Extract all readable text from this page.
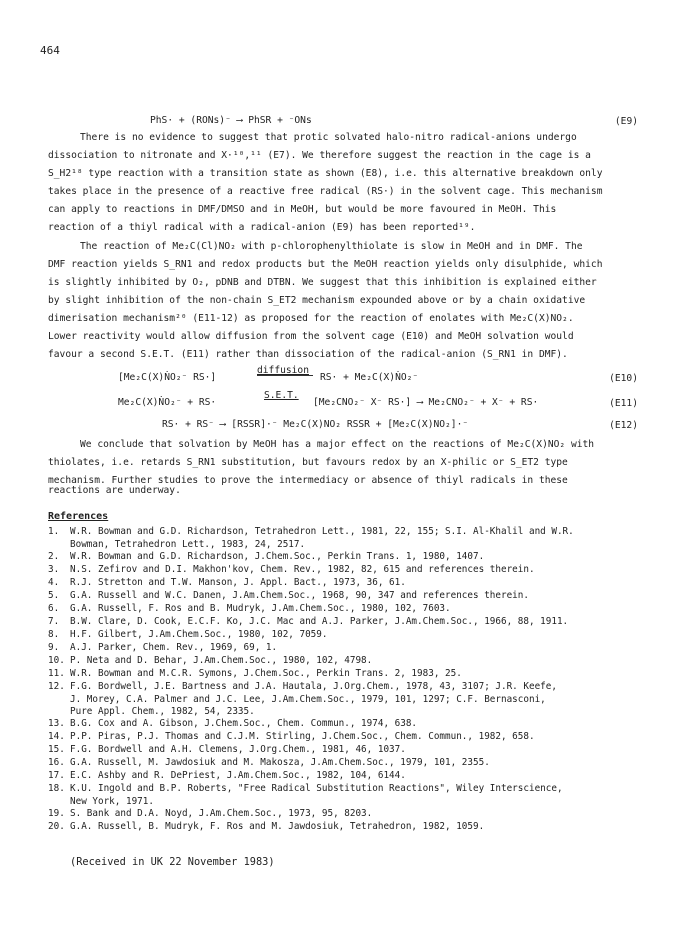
464
PhS· + (RONs)⁻ ⟶ PhSR + ⁻ONs	(E9)
There is no evidence to suggest that protic solvated halo-nitro radical-anions undergo
dissociation to nitronate and X·¹⁰,¹¹ (E7). We therefore suggest the reaction in the cage is a
S_H2¹⁸ type reaction with a transition state as shown (E8), i.e. this alternative breakdown only
takes place in the presence of a reactive free radical (RS·) in the solvent cage. This mechanism
can apply to reactions in DMF/DMSO and in MeOH, but would be more favoured in MeOH. This
reaction of a thiyl radical with a radical-anion (E9) has been reported¹⁹.
The reaction of Me₂C(Cl)NO₂ with p-chlorophenylthiolate is slow in MeOH and in DMF. The
DMF reaction yields S_RN1 and redox products but the MeOH reaction yields only disulphide, which
is slightly inhibited by O₂, pDNB and DTBN. We suggest that this inhibition is explained either
by slight inhibition of the non-chain S_ET2 mechanism expounded above or by a chain oxidative
dimerisation mechanism²⁰ (E11-12) as proposed for the reaction of enolates with Me₂C(X)NO₂.
Lower reactivity would allow diffusion from the solvent cage (E10) and MeOH solvation would
favour a second S.E.T. (E11) rather than dissociation of the radical-anion (S_RN1 in DMF).
[Me₂C(X)ṄO₂⁻ RS·]
diffusion
RS· + Me₂C(X)ṄO₂⁻	(E10)
Me₂C(X)ṄO₂⁻ + RS·
S.E.T.
[Me₂CNO₂⁻ X⁻ RS·] ⟶ Me₂CNO₂⁻ + X⁻ + RS·	(E11)
RS· + RS⁻ ⟶ [RSSR]·⁻ Me₂C(X)NO₂ RSSR + [Me₂C(X)NO₂]·⁻	(E12)
We conclude that solvation by MeOH has a major effect on the reactions of Me₂C(X)NO₂ with
thiolates, i.e. retards S_RN1 substitution, but favours redox by an X-philic or S_ET2 type
mechanism. Further studies to prove the intermediacy or absence of thiyl radicals in these
reactions are underway.
References
1. W.R. Bowman and G.D. Richardson, Tetrahedron Lett., 1981, 22, 155; S.I. Al-Khalil and W.R.
Bowman, Tetrahedron Lett., 1983, 24, 2517.
2. W.R. Bowman and G.D. Richardson, J.Chem.Soc., Perkin Trans. 1, 1980, 1407.
3. N.S. Zefirov and D.I. Makhon'kov, Chem. Rev., 1982, 82, 615 and references therein.
4. R.J. Stretton and T.W. Manson, J. Appl. Bact., 1973, 36, 61.
5. G.A. Russell and W.C. Danen, J.Am.Chem.Soc., 1968, 90, 347 and references therein.
6. G.A. Russell, F. Ros and B. Mudryk, J.Am.Chem.Soc., 1980, 102, 7603.
7. B.W. Clare, D. Cook, E.C.F. Ko, J.C. Mac and A.J. Parker, J.Am.Chem.Soc., 1966, 88, 1911.
8. H.F. Gilbert, J.Am.Chem.Soc., 1980, 102, 7059.
9. A.J. Parker, Chem. Rev., 1969, 69, 1.
10. P. Neta and D. Behar, J.Am.Chem.Soc., 1980, 102, 4798.
11. W.R. Bowman and M.C.R. Symons, J.Chem.Soc., Perkin Trans. 2, 1983, 25.
12. F.G. Bordwell, J.E. Bartness and J.A. Hautala, J.Org.Chem., 1978, 43, 3107; J.R. Keefe,
J. Morey, C.A. Palmer and J.C. Lee, J.Am.Chem.Soc., 1979, 101, 1297; C.F. Bernasconi,
Pure Appl. Chem., 1982, 54, 2335.
13. B.G. Cox and A. Gibson, J.Chem.Soc., Chem. Commun., 1974, 638.
14. P.P. Piras, P.J. Thomas and C.J.M. Stirling, J.Chem.Soc., Chem. Commun., 1982, 658.
15. F.G. Bordwell and A.H. Clemens, J.Org.Chem., 1981, 46, 1037.
16. G.A. Russell, M. Jawdosiuk and M. Makosza, J.Am.Chem.Soc., 1979, 101, 2355.
17. E.C. Ashby and R. DePriest, J.Am.Chem.Soc., 1982, 104, 6144.
18. K.U. Ingold and B.P. Roberts, "Free Radical Substitution Reactions", Wiley Interscience,
New York, 1971.
19. S. Bank and D.A. Noyd, J.Am.Chem.Soc., 1973, 95, 8203.
20. G.A. Russell, B. Mudryk, F. Ros and M. Jawdosiuk, Tetrahedron, 1982, 1059.
(Received in UK 22 November 1983)
